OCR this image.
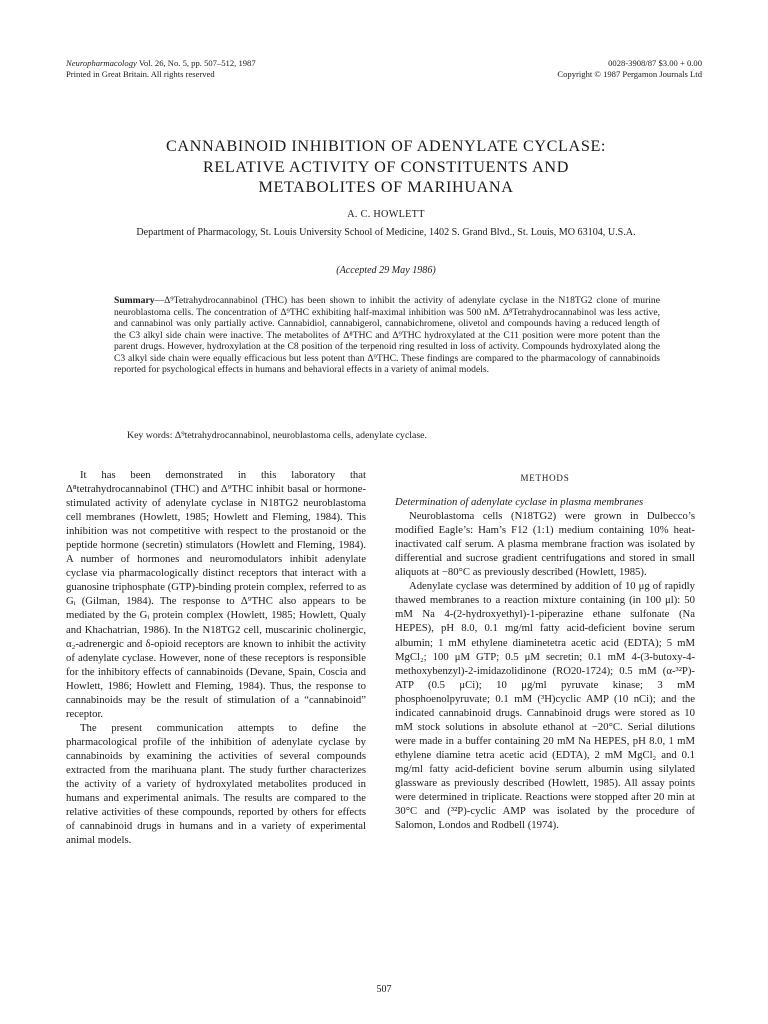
Neuropharmacology Vol. 26, No. 5, pp. 507–512, 1987
Printed in Great Britain. All rights reserved
0028-3908/87 $3.00 + 0.00
Copyright © 1987 Pergamon Journals Ltd
CANNABINOID INHIBITION OF ADENYLATE CYCLASE:
RELATIVE ACTIVITY OF CONSTITUENTS AND
METABOLITES OF MARIHUANA
A. C. HOWLETT
Department of Pharmacology, St. Louis University School of Medicine, 1402 S. Grand Blvd., St. Louis, MO 63104, U.S.A.
(Accepted 29 May 1986)
Summary—Δ⁹Tetrahydrocannabinol (THC) has been shown to inhibit the activity of adenylate cyclase in the N18TG2 clone of murine neuroblastoma cells. The concentration of Δ⁹THC exhibiting half-maximal inhibition was 500 nM. Δ⁸Tetrahydrocannabinol was less active, and cannabinol was only partially active. Cannabidiol, cannabigerol, cannabichromene, olivetol and compounds having a reduced length of the C3 alkyl side chain were inactive. The metabolites of Δ⁸THC and Δ⁹THC hydroxylated at the C11 position were more potent than the parent drugs. However, hydroxylation at the C8 position of the terpenoid ring resulted in loss of activity. Compounds hydroxylated along the C3 alkyl side chain were equally efficacious but less potent than Δ⁹THC. These findings are compared to the pharmacology of cannabinoids reported for psychological effects in humans and behavioral effects in a variety of animal models.
Key words: Δ⁹tetrahydrocannabinol, neuroblastoma cells, adenylate cyclase.

It has been demonstrated in this laboratory that Δ⁸tetrahydrocannabinol (THC) and Δ⁹THC inhibit basal or hormone-stimulated activity of adenylate cyclase in N18TG2 neuroblastoma cell membranes (Howlett, 1985; Howlett and Fleming, 1984). This inhibition was not competitive with respect to the prostanoid or the peptide hormone (secretin) stimulators (Howlett and Fleming, 1984). A number of hormones and neuromodulators inhibit adenylate cyclase via pharmacologically distinct receptors that interact with a guanosine triphosphate (GTP)-binding protein complex, referred to as Gᵢ (Gilman, 1984). The response to Δ⁹THC also appears to be mediated by the Gᵢ protein complex (Howlett, 1985; Howlett, Qualy and Khachatrian, 1986). In the N18TG2 cell, muscarinic cholinergic, α₂-adrenergic and δ-opioid receptors are known to inhibit the activity of adenylate cyclase. However, none of these receptors is responsible for the inhibitory effects of cannabinoids (Devane, Spain, Coscia and Howlett, 1986; Howlett and Fleming, 1984). Thus, the response to cannabinoids may be the result of stimulation of a “cannabinoid” receptor.

The present communication attempts to define the pharmacological profile of the inhibition of adenylate cyclase by cannabinoids by examining the activities of several compounds extracted from the marihuana plant. The study further characterizes the activity of a variety of hydroxylated metabolites produced in humans and experimental animals. The results are compared to the relative activities of these compounds, reported by others for effects of cannabinoid drugs in humans and in a variety of experimental animal models.

METHODS

Determination of adenylate cyclase in plasma membranes

Neuroblastoma cells (N18TG2) were grown in Dulbecco’s modified Eagle’s: Ham’s F12 (1:1) medium containing 10% heat-inactivated calf serum. A plasma membrane fraction was isolated by differential and sucrose gradient centrifugations and stored in small aliquots at −80°C as previously described (Howlett, 1985).

Adenylate cyclase was determined by addition of 10 μg of rapidly thawed membranes to a reaction mixture containing (in 100 μl): 50 mM Na 4-(2-hydroxyethyl)-1-piperazine ethane sulfonate (Na HEPES), pH 8.0, 0.1 mg/ml fatty acid-deficient bovine serum albumin; 1 mM ethylene diaminetetra acetic acid (EDTA); 5 mM MgCl₂; 100 μM GTP; 0.5 μM secretin; 0.1 mM 4-(3-butoxy-4-methoxybenzyl)-2-imidazolidinone (RO20-1724); 0.5 mM (α-³²P)-ATP (0.5 μCi); 10 μg/ml pyruvate kinase; 3 mM phosphoenolpyruvate; 0.1 mM (³H)cyclic AMP (10 nCi); and the indicated cannabinoid drugs. Cannabinoid drugs were stored as 10 mM stock solutions in absolute ethanol at −20°C. Serial dilutions were made in a buffer containing 20 mM Na HEPES, pH 8.0, 1 mM ethylene diamine tetra acetic acid (EDTA), 2 mM MgCl₂ and 0.1 mg/ml fatty acid-deficient bovine serum albumin using silylated glassware as previously described (Howlett, 1985). All assay points were determined in triplicate. Reactions were stopped after 20 min at 30°C and (³²P)-cyclic AMP was isolated by the procedure of Salomon, Londos and Rodbell (1974).

507
